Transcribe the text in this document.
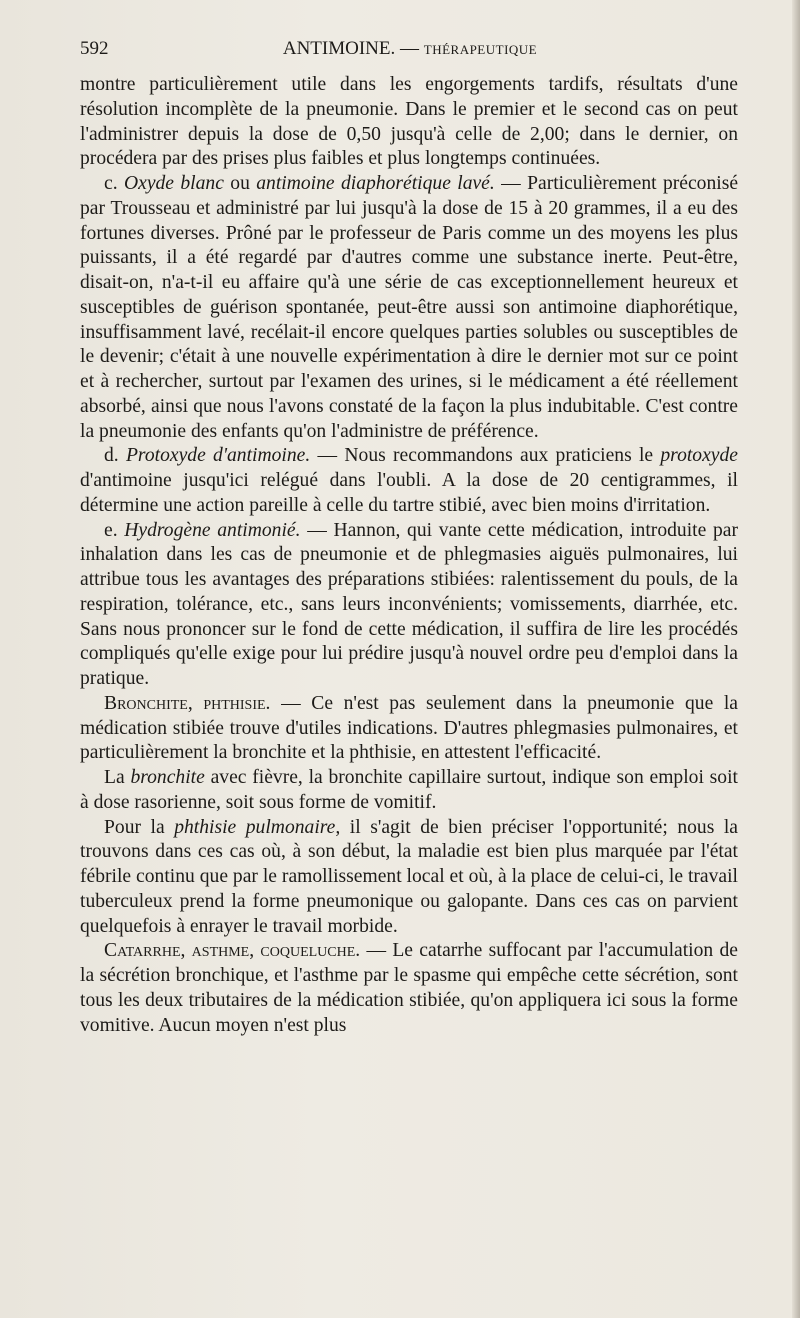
592	ANTIMOINE. — THÉRAPEUTIQUE

montre particulièrement utile dans les engorgements tardifs, résultats d'une résolution incomplète de la pneumonie. Dans le premier et le second cas on peut l'administrer depuis la dose de 0,50 jusqu'à celle de 2,00; dans le dernier, on procédera par des prises plus faibles et plus longtemps continuées.

c. Oxyde blanc ou antimoine diaphorétique lavé. — Particulièrement préconisé par Trousseau et administré par lui jusqu'à la dose de 15 à 20 grammes, il a eu des fortunes diverses. Prôné par le professeur de Paris comme un des moyens les plus puissants, il a été regardé par d'autres comme une substance inerte. Peut-être, disait-on, n'a-t-il eu affaire qu'à une série de cas exceptionnellement heureux et susceptibles de guérison spontanée, peut-être aussi son antimoine diaphorétique, insuffisamment lavé, recélait-il encore quelques parties solubles ou susceptibles de le devenir; c'était à une nouvelle expérimentation à dire le dernier mot sur ce point et à rechercher, surtout par l'examen des urines, si le médicament a été réellement absorbé, ainsi que nous l'avons constaté de la façon la plus indubitable. C'est contre la pneumonie des enfants qu'on l'administre de préférence.

d. Protoxyde d'antimoine. — Nous recommandons aux praticiens le protoxyde d'antimoine jusqu'ici relégué dans l'oubli. A la dose de 20 centigrammes, il détermine une action pareille à celle du tartre stibié, avec bien moins d'irritation.

e. Hydrogène antimonié. — Hannon, qui vante cette médication, introduite par inhalation dans les cas de pneumonie et de phlegmasies aiguës pulmonaires, lui attribue tous les avantages des préparations stibiées: ralentissement du pouls, de la respiration, tolérance, etc., sans leurs inconvénients; vomissements, diarrhée, etc. Sans nous prononcer sur le fond de cette médication, il suffira de lire les procédés compliqués qu'elle exige pour lui prédire jusqu'à nouvel ordre peu d'emploi dans la pratique.

Bronchite, phthisie. — Ce n'est pas seulement dans la pneumonie que la médication stibiée trouve d'utiles indications. D'autres phlegmasies pulmonaires, et particulièrement la bronchite et la phthisie, en attestent l'efficacité.

La bronchite avec fièvre, la bronchite capillaire surtout, indique son emploi soit à dose rasorienne, soit sous forme de vomitif.

Pour la phthisie pulmonaire, il s'agit de bien préciser l'opportunité; nous la trouvons dans ces cas où, à son début, la maladie est bien plus marquée par l'état fébrile continu que par le ramollissement local et où, à la place de celui-ci, le travail tuberculeux prend la forme pneumonique ou galopante. Dans ces cas on parvient quelquefois à enrayer le travail morbide.

Catarrhe, asthme, coqueluche. — Le catarrhe suffocant par l'accumulation de la sécrétion bronchique, et l'asthme par le spasme qui empêche cette sécrétion, sont tous les deux tributaires de la médication stibiée, qu'on appliquera ici sous la forme vomitive. Aucun moyen n'est plus
